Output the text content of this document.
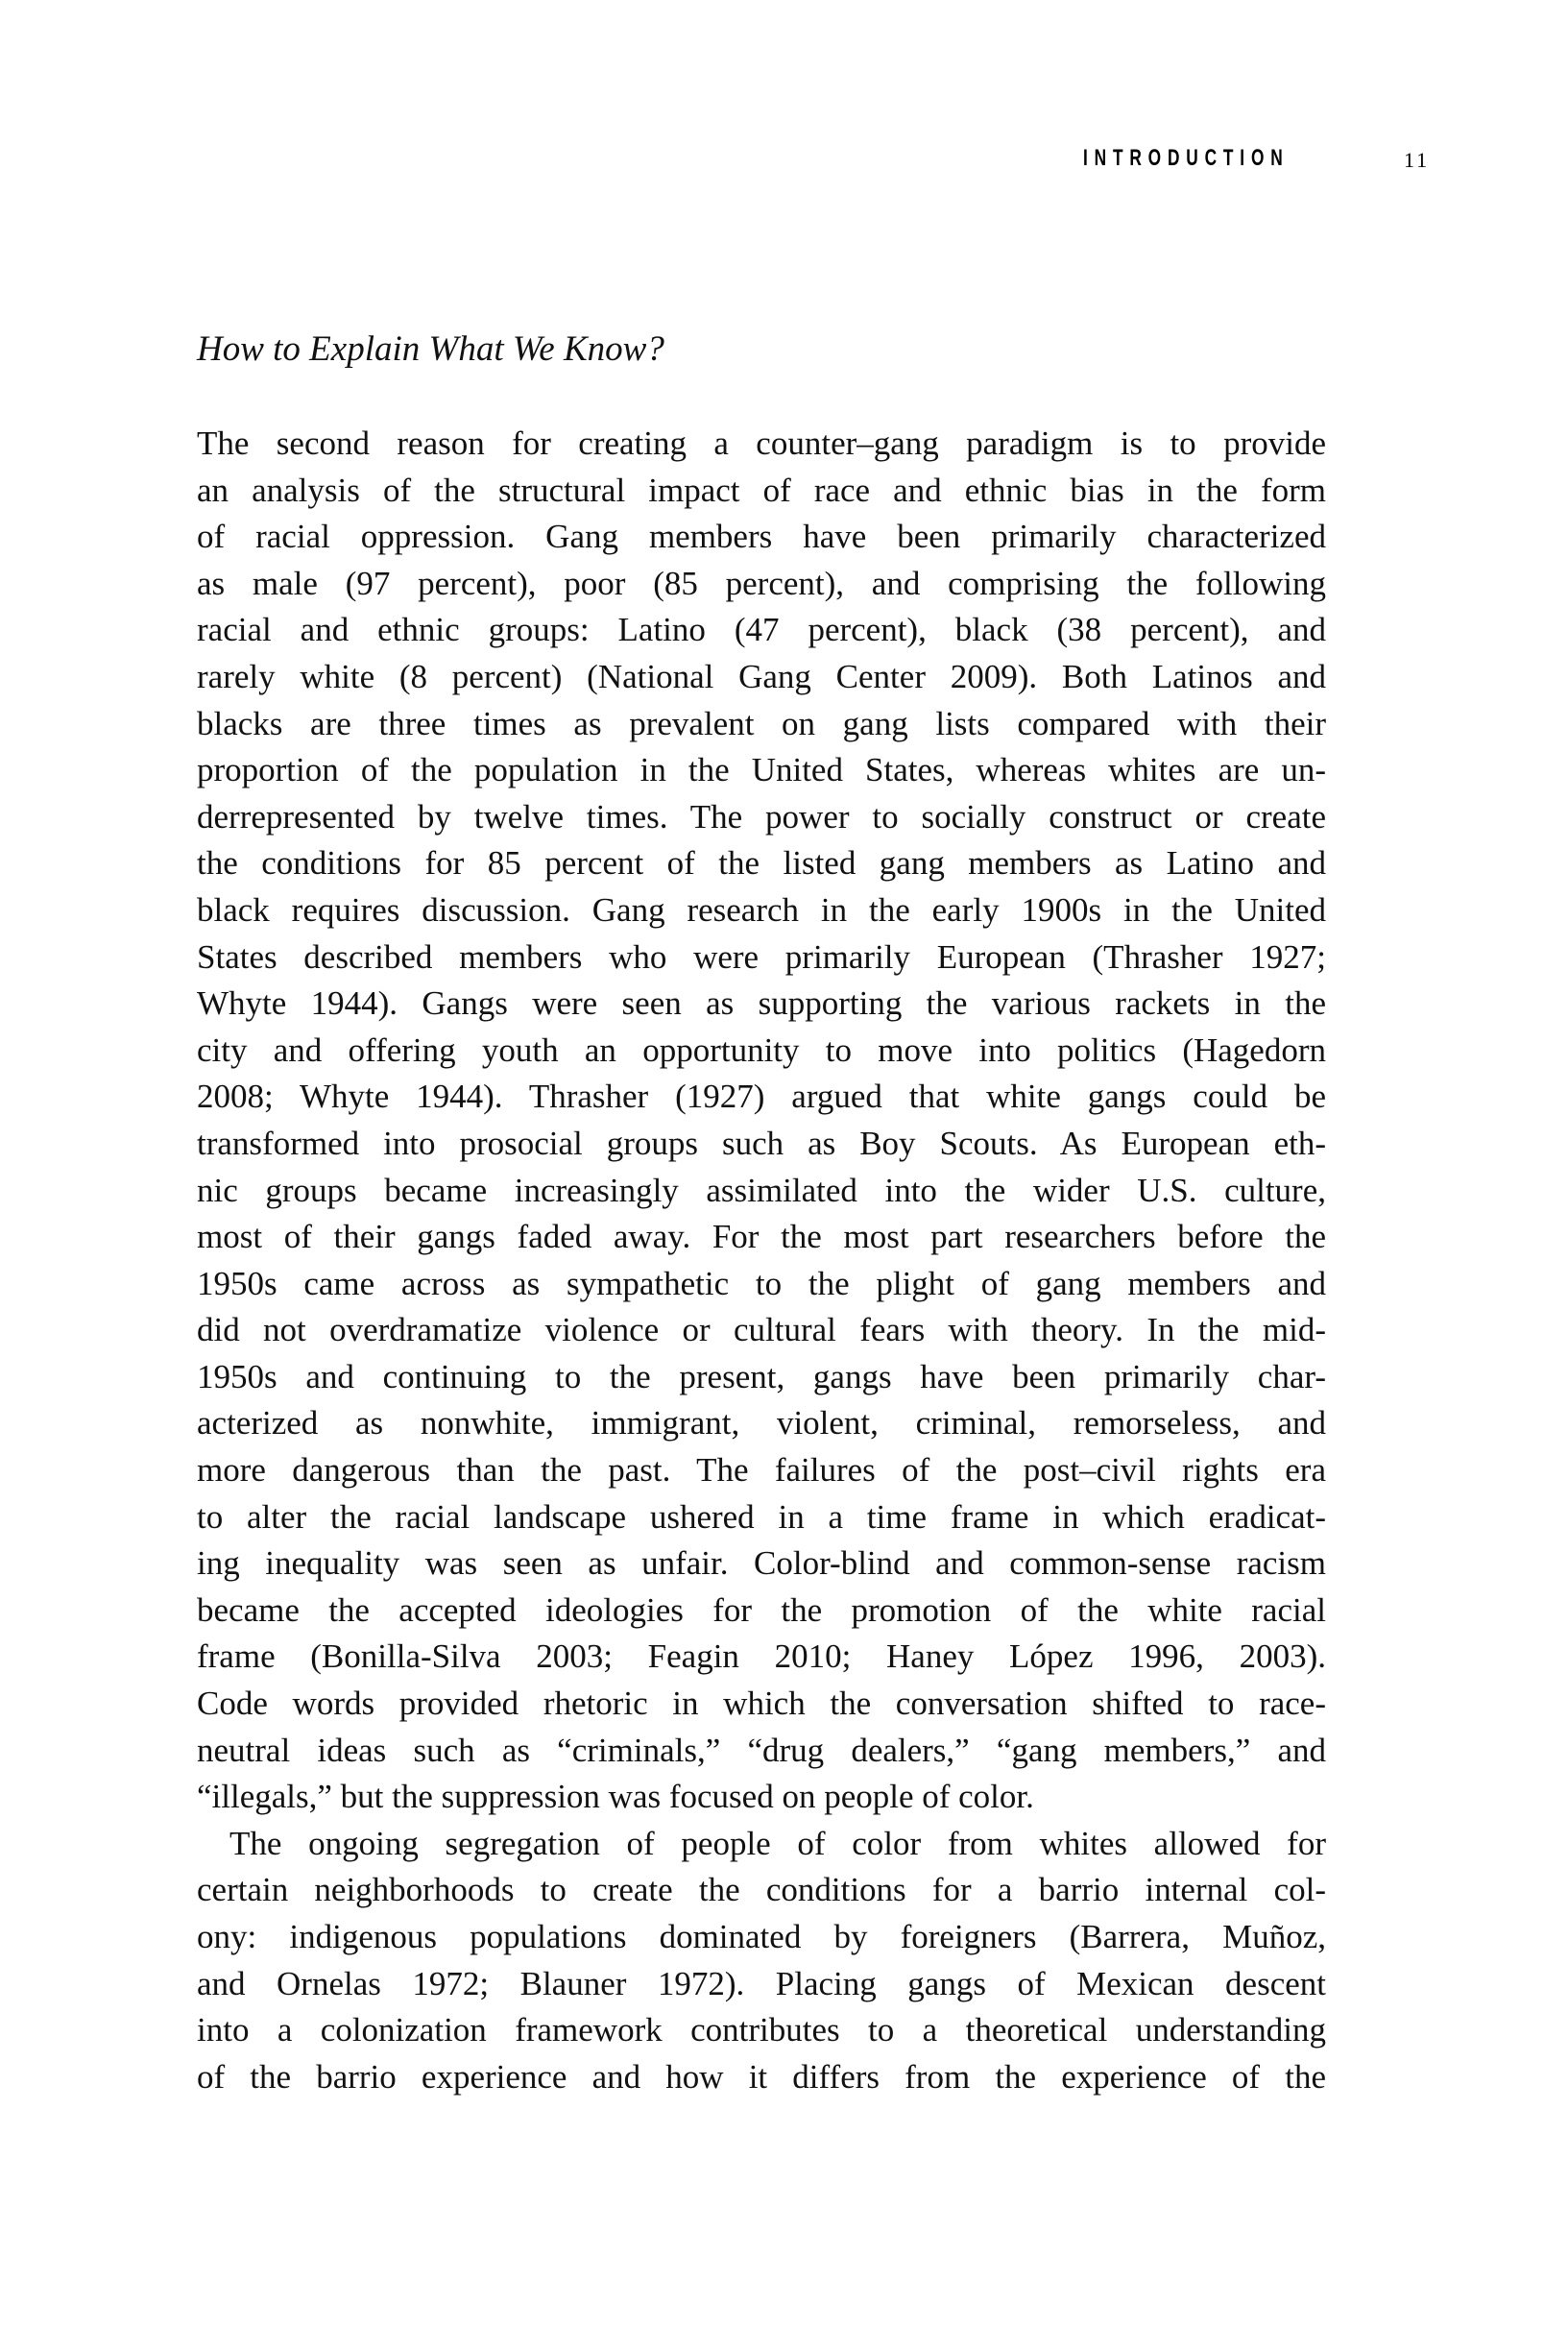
INTRODUCTION	11
How to Explain What We Know?
The second reason for creating a counter–gang paradigm is to provide
an analysis of the structural impact of race and ethnic bias in the form
of racial oppression. Gang members have been primarily characterized
as male (97 percent), poor (85 percent), and comprising the following
racial and ethnic groups: Latino (47 percent), black (38 percent), and
rarely white (8 percent) (National Gang Center 2009). Both Latinos and
blacks are three times as prevalent on gang lists compared with their
proportion of the population in the United States, whereas whites are un-
derrepresented by twelve times. The power to socially construct or create
the conditions for 85 percent of the listed gang members as Latino and
black requires discussion. Gang research in the early 1900s in the United
States described members who were primarily European (Thrasher 1927;
Whyte 1944). Gangs were seen as supporting the various rackets in the
city and offering youth an opportunity to move into politics (Hagedorn
2008; Whyte 1944). Thrasher (1927) argued that white gangs could be
transformed into prosocial groups such as Boy Scouts. As European eth-
nic groups became increasingly assimilated into the wider U.S. culture,
most of their gangs faded away. For the most part researchers before the
1950s came across as sympathetic to the plight of gang members and
did not overdramatize violence or cultural fears with theory. In the mid-
1950s and continuing to the present, gangs have been primarily char-
acterized as nonwhite, immigrant, violent, criminal, remorseless, and
more dangerous than the past. The failures of the post–civil rights era
to alter the racial landscape ushered in a time frame in which eradicat-
ing inequality was seen as unfair. Color-blind and common-sense racism
became the accepted ideologies for the promotion of the white racial
frame (Bonilla-Silva 2003; Feagin 2010; Haney López 1996, 2003).
Code words provided rhetoric in which the conversation shifted to race-
neutral ideas such as “criminals,” “drug dealers,” “gang members,” and
“illegals,” but the suppression was focused on people of color.
The ongoing segregation of people of color from whites allowed for
certain neighborhoods to create the conditions for a barrio internal col-
ony: indigenous populations dominated by foreigners (Barrera, Muñoz,
and Ornelas 1972; Blauner 1972). Placing gangs of Mexican descent
into a colonization framework contributes to a theoretical understanding
of the barrio experience and how it differs from the experience of the
